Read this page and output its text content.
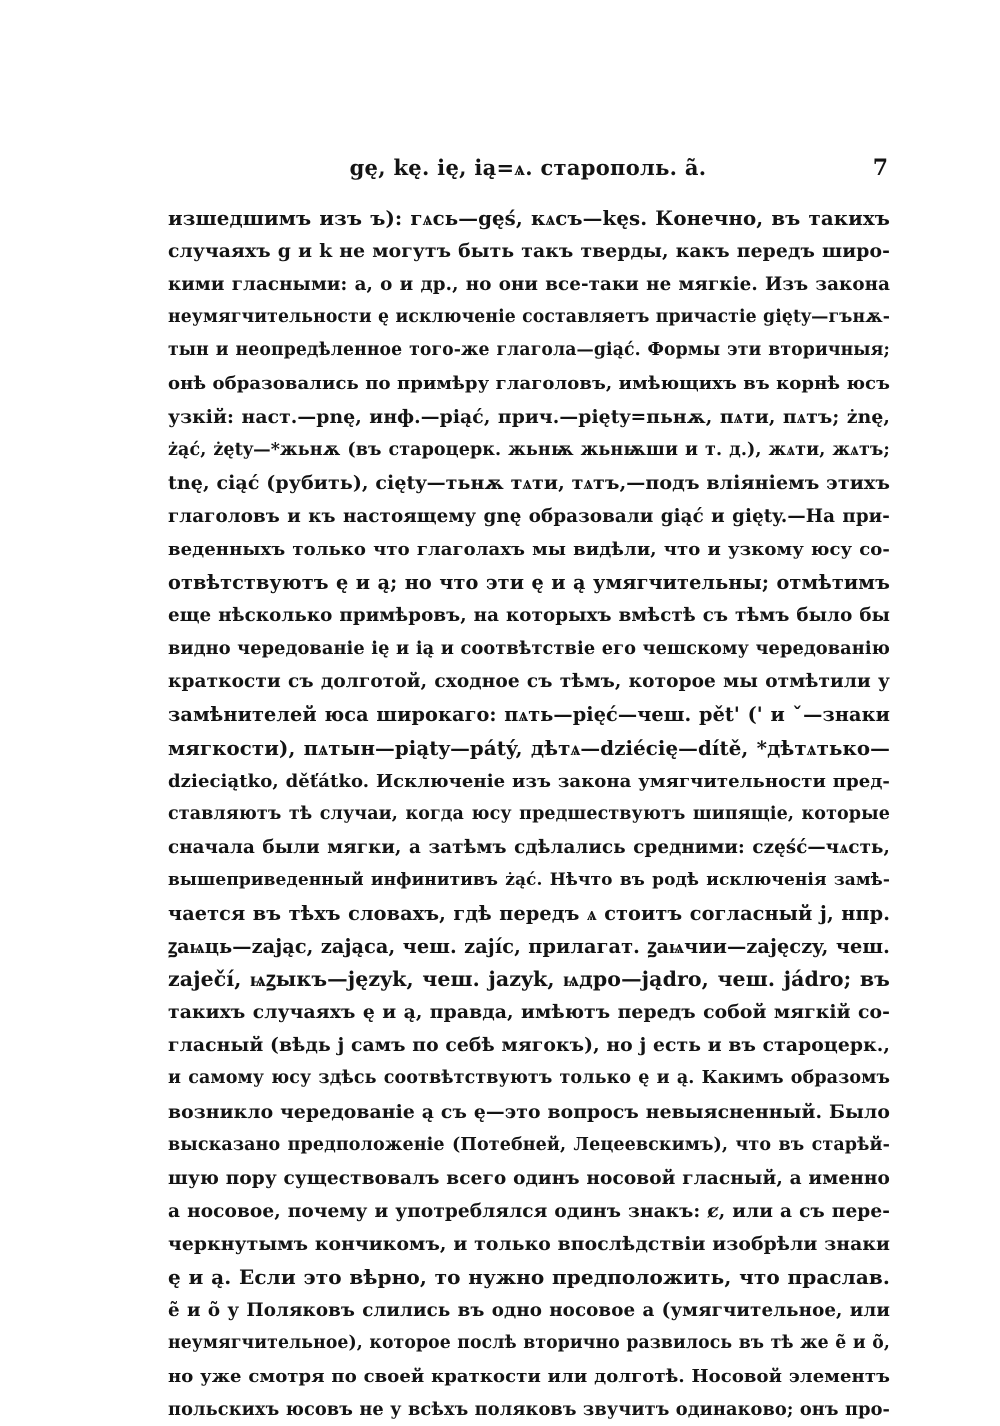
gę, kę. ię, ią=ѧ. старополь. ã.	7
изшедшимъ изъ ъ): гѧсь—gęś, кѧсъ—kęs. Конечно, въ такихъ
случаяхъ g и k не могутъ быть такъ тверды, какъ передъ широ-
кими гласными: а, о и др., но они все-таки не мягкіе. Изъ закона
неумягчительности ę исключеніе составляетъ причастіе gięty—гънѫ-
тын и неопредѣленное того-же глагола—giąć. Формы эти вторичныя;
онѣ образовались по примѣру глаголовъ, имѣющихъ въ корнѣ юсъ
узкій: наст.—pnę, инф.—piąć, прич.—pięty=пьнѫ, пѧти, пѧтъ; żnę,
żąć, żęty—*жьнѫ (въ староцерк. жьнѭ жьнѭши и т. д.), жѧти, жѧтъ;
tnę, ciąć (рубить), cięty—тьнѫ тѧти, тѧтъ,—подъ вліяніемъ этихъ
глаголовъ и къ настоящему gnę образовали giąć и gięty.—На при-
веденныхъ только что глаголахъ мы видѣли, что и узкому юсу со-
отвѣтствуютъ ę и ą; но что эти ę и ą умягчительны; отмѣтимъ
еще нѣсколько примѣровъ, на которыхъ вмѣстѣ съ тѣмъ было бы
видно чередованіе ię и ią и соотвѣтствіе его чешскому чередованію
краткости съ долготой, сходное съ тѣмъ, которое мы отмѣтили у
замѣнителей юса широкаго: пѧть—pięć—чеш. pět' (' и ˇ—знаки
мягкости), пѧтын—piąty—pátý, дѣтѧ—dziécię—dítě, *дѣтѧтько—
dzieciątko, děťátko. Исключеніе изъ закона умягчительности пред-
ставляютъ тѣ случаи, когда юсу предшествуютъ шипящіе, которые
сначала были мягки, а затѣмъ сдѣлались средними: część—чѧсть,
вышеприведенный инфинитивъ żąć. Нѣчто въ родѣ исключенія замѣ-
чается въ тѣхъ словахъ, гдѣ передъ ѧ стоитъ согласный j, нпр.
ꙁаѩць—zając, zająca, чеш. zajíc, прилагат. ꙁаѩчии—zajęczy, чеш.
zaječí, ѩꙁыкъ—język, чеш. jazyk, ѩдро—jądro, чеш. jádro; въ
такихъ случаяхъ ę и ą, правда, имѣютъ передъ собой мягкій со-
гласный (вѣдь j самъ по себѣ мягокъ), но j есть и въ староцерк.,
и самому юсу здѣсь соотвѣтствуютъ только ę и ą. Какимъ образомъ
возникло чередованіе ą съ ę—это вопросъ невыясненный. Было
высказано предположеніе (Потебней, Лецеевскимъ), что въ старѣй-
шую пору существовалъ всего одинъ носовой гласный, а именно
a носовое, почему и употреблялся одинъ знакъ: ȼ, или a съ пере-
черкнутымъ кончикомъ, и только впослѣдствіи изобрѣли знаки
ę и ą. Если это вѣрно, то нужно предположить, что праслав.
ẽ и õ у Поляковъ слились въ одно носовое a (умягчительное, или
неумягчительное), которое послѣ вторично развилось въ тѣ же ẽ и õ,
но уже смотря по своей краткости или долготѣ. Носовой элементъ
польскихъ юсовъ не у всѣхъ поляковъ звучитъ одинаково; онъ про-
